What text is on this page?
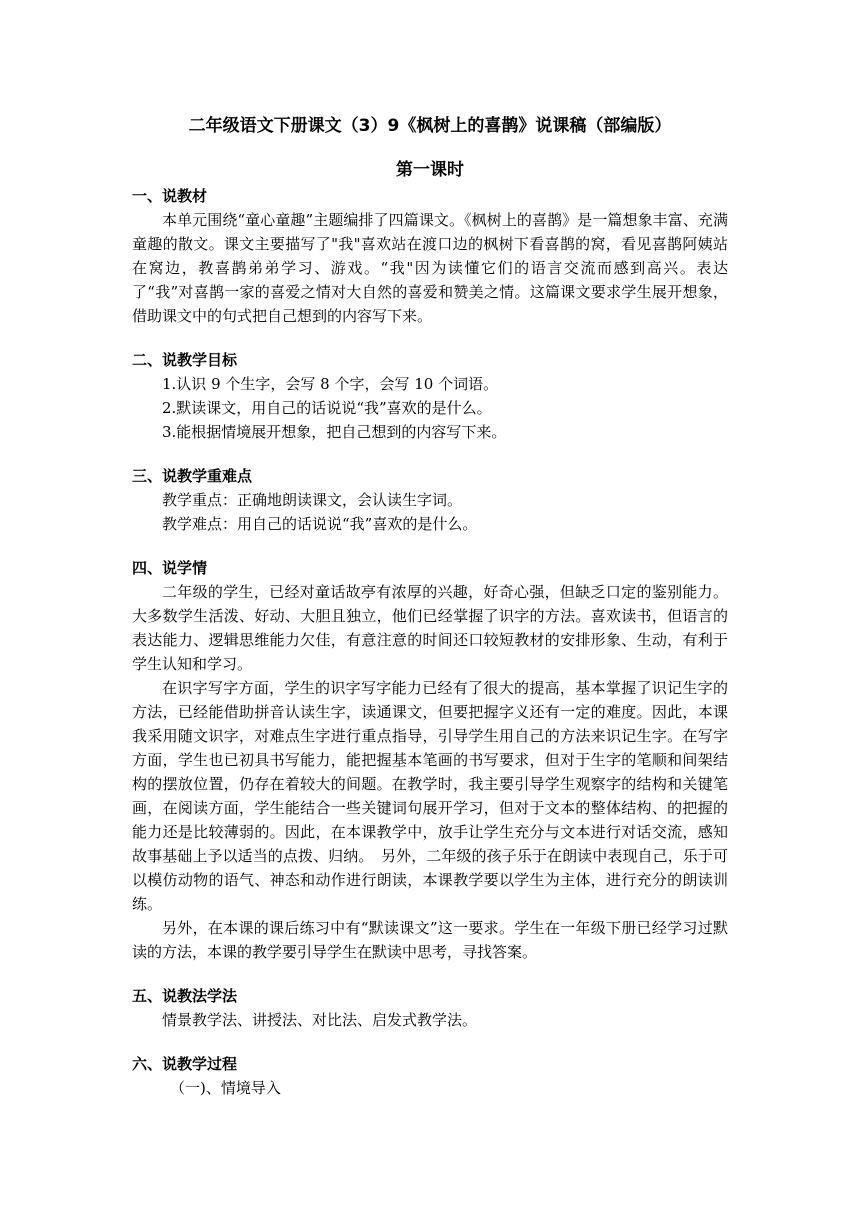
二年级语文下册课文（3）9《枫树上的喜鹊》说课稿（部编版）
第一课时

一、说教材

本单元围绕“童心童趣”主题编排了四篇课文。《枫树上的喜鹊》是一篇想象丰富、充满童趣的散文。课文主要描写了"我"喜欢站在渡口边的枫树下看喜鹊的窝，看见喜鹊阿姨站在窝边，教喜鹊弟弟学习、游戏。“我"因为读懂它们的语言交流而感到高兴。表达了“我”对喜鹊一家的喜爱之情对大自然的喜爱和赞美之情。这篇课文要求学生展开想象，借助课文中的句式把自己想到的内容写下来。

二、说教学目标

1.认识 9 个生字，会写 8 个字，会写 10 个词语。

2.默读课文，用自己的话说说“我”喜欢的是什么。

3.能根据情境展开想象，把自己想到的内容写下来。

三、说教学重难点

教学重点：正确地朗读课文，会认读生字词。

教学难点：用自己的话说说“我”喜欢的是什么。

四、说学情

二年级的学生，已经对童话故亭有浓厚的兴趣，好奇心强，但缺乏口定的鉴别能力。大多数学生活泼、好动、大胆且独立，他们已经掌握了识字的方法。喜欢读书，但语言的表达能力、逻辑思维能力欠佳，有意注意的时间还口较短教材的安排形象、生动，有利于学生认知和学习。

在识字写字方面，学生的识字写字能力已经有了很大的提高，基本掌握了识记生字的方法，已经能借助拼音认读生字，读通课文，但要把握字义还有一定的难度。因此，本课我采用随文识字，对难点生字进行重点指导，引导学生用自己的方法来识记生字。在写字方面，学生也已初具书写能力，能把握基本笔画的书写要求，但对于生字的笔顺和间架结构的摆放位置，仍存在着较大的间题。在教学时，我主要引导学生观察字的结构和关键笔画，在阅读方面，学生能结合一些关键词句展开学习，但对于文本的整体结构、的把握的能力还是比较薄弱的。因此，在本课教学中，放手让学生充分与文本进行对话交流，感知故事基础上予以适当的点拨、归纳。　另外，二年级的孩子乐于在朗读中表现自己，乐于可以模仿动物的语气、神态和动作进行朗读，本课教学要以学生为主体，进行充分的朗读训练。

另外，在本课的课后练习中有“默读课文”这一要求。学生在一年级下册已经学习过默读的方法，本课的教学要引导学生在默读中思考，寻找答案。

五、说教法学法

情景教学法、讲授法、对比法、启发式教学法。

六、说教学过程

（一)、情境导入
